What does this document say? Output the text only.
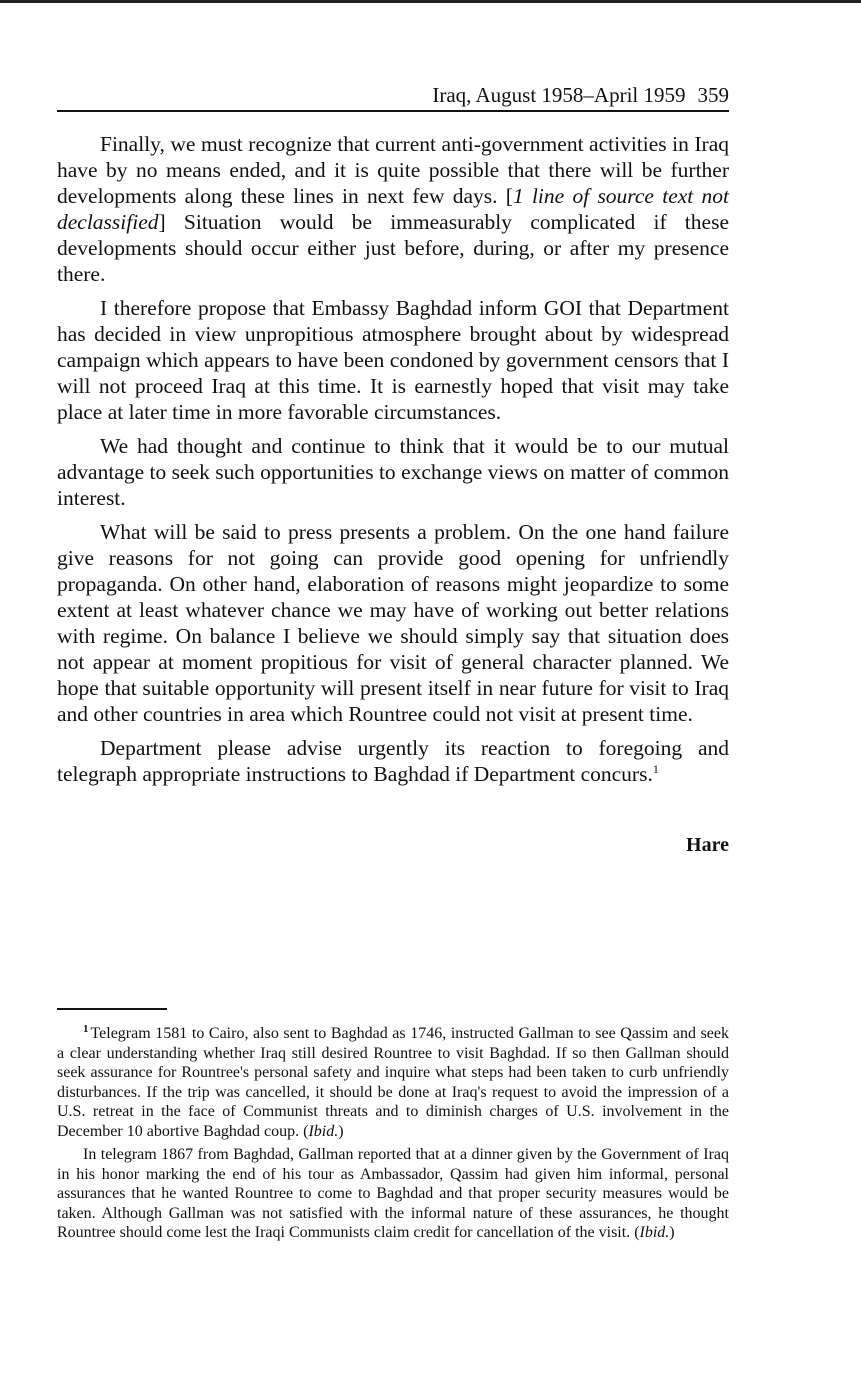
Iraq, August 1958–April 1959 359

Finally, we must recognize that current anti-government activities in Iraq have by no means ended, and it is quite possible that there will be further developments along these lines in next few days. [1 line of source text not declassified] Situation would be immeasurably complicated if these developments should occur either just before, during, or after my presence there.

I therefore propose that Embassy Baghdad inform GOI that Department has decided in view unpropitious atmosphere brought about by widespread campaign which appears to have been condoned by government censors that I will not proceed Iraq at this time. It is earnestly hoped that visit may take place at later time in more favorable circumstances.

We had thought and continue to think that it would be to our mutual advantage to seek such opportunities to exchange views on matter of common interest.

What will be said to press presents a problem. On the one hand failure give reasons for not going can provide good opening for unfriendly propaganda. On other hand, elaboration of reasons might jeopardize to some extent at least whatever chance we may have of working out better relations with regime. On balance I believe we should simply say that situation does not appear at moment propitious for visit of general character planned. We hope that suitable opportunity will present itself in near future for visit to Iraq and other countries in area which Rountree could not visit at present time.

Department please advise urgently its reaction to foregoing and telegraph appropriate instructions to Baghdad if Department concurs.$^1$

Hare

$^1$ Telegram 1581 to Cairo, also sent to Baghdad as 1746, instructed Gallman to see Qassim and seek a clear understanding whether Iraq still desired Rountree to visit Baghdad. If so then Gallman should seek assurance for Rountree's personal safety and inquire what steps had been taken to curb unfriendly disturbances. If the trip was cancelled, it should be done at Iraq's request to avoid the impression of a U.S. retreat in the face of Communist threats and to diminish charges of U.S. involvement in the December 10 abortive Baghdad coup. (Ibid.)

In telegram 1867 from Baghdad, Gallman reported that at a dinner given by the Government of Iraq in his honor marking the end of his tour as Ambassador, Qassim had given him informal, personal assurances that he wanted Rountree to come to Baghdad and that proper security measures would be taken. Although Gallman was not satisfied with the informal nature of these assurances, he thought Rountree should come lest the Iraqi Communists claim credit for cancellation of the visit. (Ibid.)
